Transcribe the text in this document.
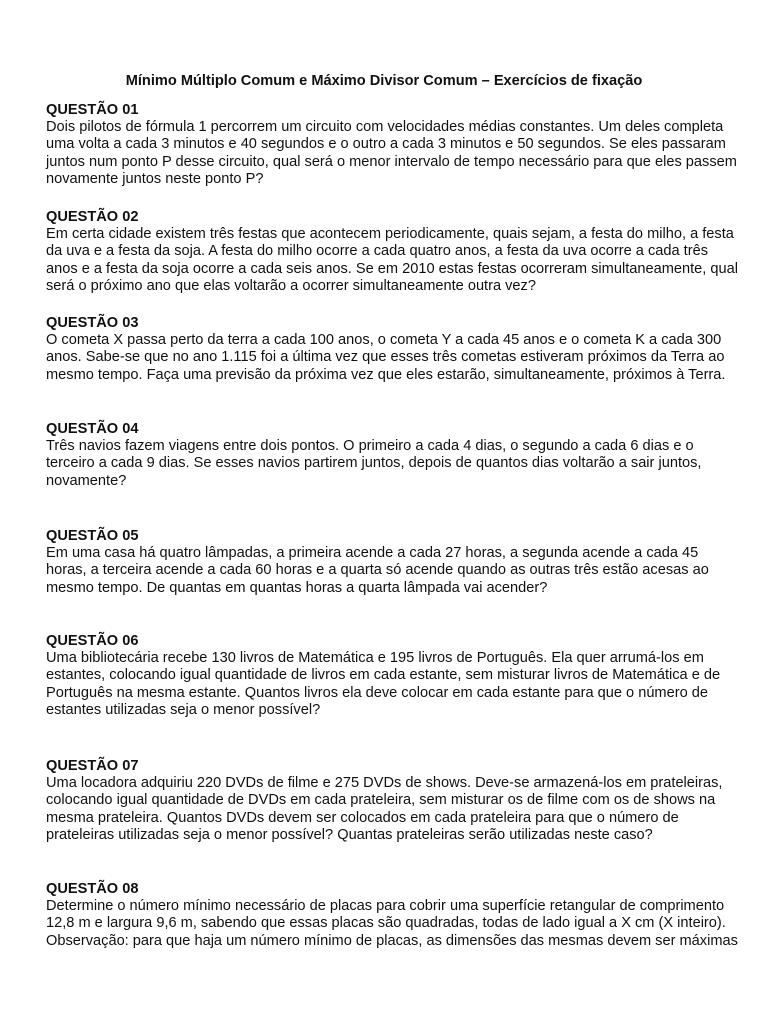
Mínimo Múltiplo Comum e Máximo Divisor Comum – Exercícios de fixação

QUESTÃO 01

Dois pilotos de fórmula 1 percorrem um circuito com velocidades médias constantes. Um deles completa
uma volta a cada 3 minutos e 40 segundos e o outro a cada 3 minutos e 50 segundos. Se eles passaram
juntos num ponto P desse circuito, qual será o menor intervalo de tempo necessário para que eles passem
novamente juntos neste ponto P?

QUESTÃO 02

Em certa cidade existem três festas que acontecem periodicamente, quais sejam, a festa do milho, a festa
da uva e a festa da soja. A festa do milho ocorre a cada quatro anos, a festa da uva ocorre a cada três
anos e a festa da soja ocorre a cada seis anos. Se em 2010 estas festas ocorreram simultaneamente, qual
será o próximo ano que elas voltarão a ocorrer simultaneamente outra vez?

QUESTÃO 03

O cometa X passa perto da terra a cada 100 anos, o cometa Y a cada 45 anos e o cometa K a cada 300
anos. Sabe-se que no ano 1.115 foi a última vez que esses três cometas estiveram próximos da Terra ao
mesmo tempo. Faça uma previsão da próxima vez que eles estarão, simultaneamente, próximos à Terra.

QUESTÃO 04

Três navios fazem viagens entre dois pontos. O primeiro a cada 4 dias, o segundo a cada 6 dias e o
terceiro a cada 9 dias. Se esses navios partirem juntos, depois de quantos dias voltarão a sair juntos,
novamente?

QUESTÃO 05

Em uma casa há quatro lâmpadas, a primeira acende a cada 27 horas, a segunda acende a cada 45
horas, a terceira acende a cada 60 horas e a quarta só acende quando as outras três estão acesas ao
mesmo tempo. De quantas em quantas horas a quarta lâmpada vai acender?

QUESTÃO 06

Uma bibliotecária recebe 130 livros de Matemática e 195 livros de Português. Ela quer arrumá-los em
estantes, colocando igual quantidade de livros em cada estante, sem misturar livros de Matemática e de
Português na mesma estante. Quantos livros ela deve colocar em cada estante para que o número de
estantes utilizadas seja o menor possível?

QUESTÃO 07

Uma locadora adquiriu 220 DVDs de filme e 275 DVDs de shows. Deve-se armazená-los em prateleiras,
colocando igual quantidade de DVDs em cada prateleira, sem misturar os de filme com os de shows na
mesma prateleira. Quantos DVDs devem ser colocados em cada prateleira para que o número de
prateleiras utilizadas seja o menor possível? Quantas prateleiras serão utilizadas neste caso?

QUESTÃO 08

Determine o número mínimo necessário de placas para cobrir uma superfície retangular de comprimento
12,8 m e largura 9,6 m, sabendo que essas placas são quadradas, todas de lado igual a X cm (X inteiro).
Observação: para que haja um número mínimo de placas, as dimensões das mesmas devem ser máximas
